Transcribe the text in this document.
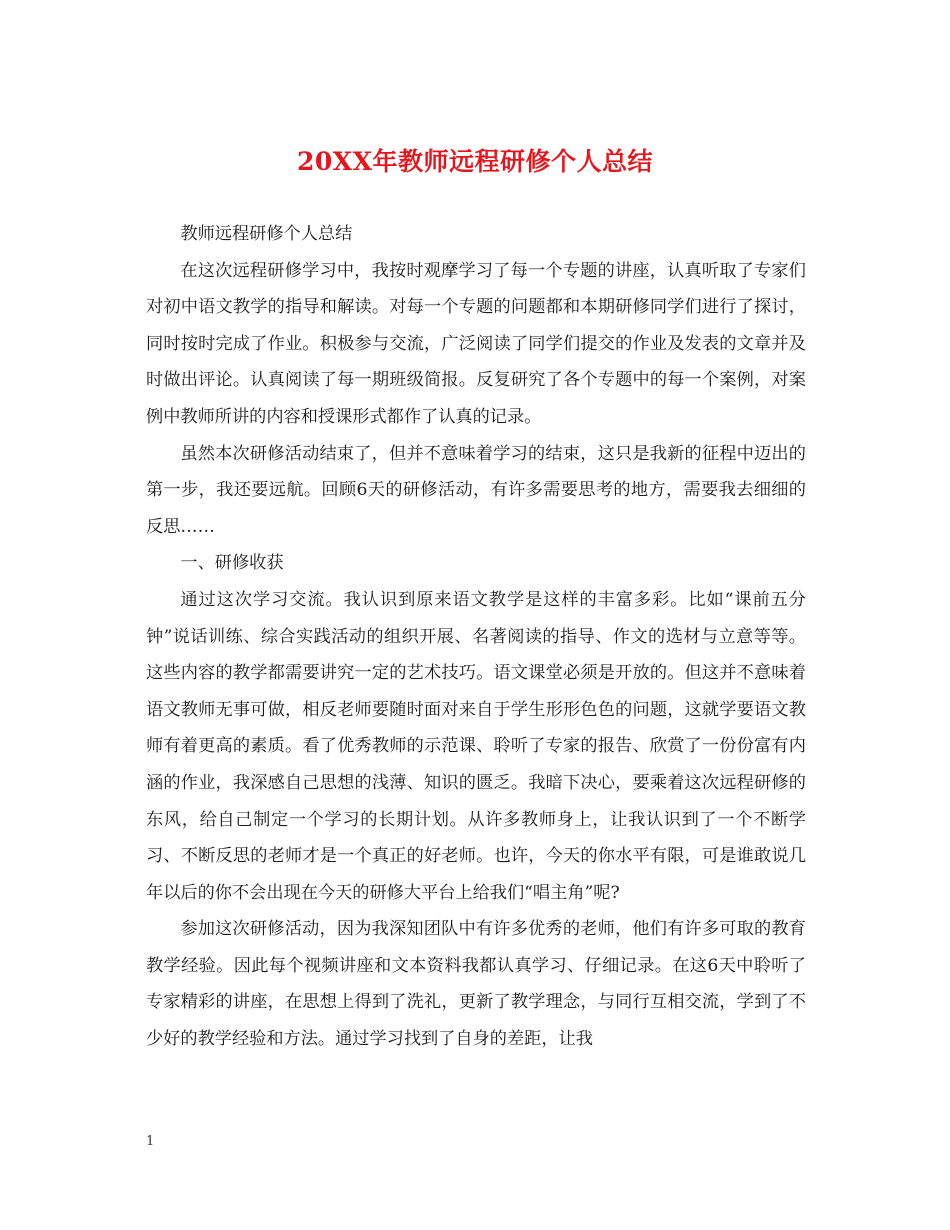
20XX年教师远程研修个人总结

教师远程研修个人总结

在这次远程研修学习中，我按时观摩学习了每一个专题的讲座，认真听取了专家们对初中语文教学的指导和解读。对每一个专题的问题都和本期研修同学们进行了探讨，同时按时完成了作业。积极参与交流，广泛阅读了同学们提交的作业及发表的文章并及时做出评论。认真阅读了每一期班级简报。反复研究了各个专题中的每一个案例，对案例中教师所讲的内容和授课形式都作了认真的记录。

虽然本次研修活动结束了，但并不意味着学习的结束，这只是我新的征程中迈出的第一步，我还要远航。回顾6天的研修活动，有许多需要思考的地方，需要我去细细的反思……

一、研修收获

通过这次学习交流。我认识到原来语文教学是这样的丰富多彩。比如“课前五分钟”说话训练、综合实践活动的组织开展、名著阅读的指导、作文的选材与立意等等。这些内容的教学都需要讲究一定的艺术技巧。语文课堂必须是开放的。但这并不意味着语文教师无事可做，相反老师要随时面对来自于学生形形色色的问题，这就学要语文教师有着更高的素质。看了优秀教师的示范课、聆听了专家的报告、欣赏了一份份富有内涵的作业，我深感自己思想的浅薄、知识的匮乏。我暗下决心，要乘着这次远程研修的东风，给自己制定一个学习的长期计划。从许多教师身上，让我认识到了一个不断学习、不断反思的老师才是一个真正的好老师。也许，今天的你水平有限，可是谁敢说几年以后的你不会出现在今天的研修大平台上给我们“唱主角”呢?

参加这次研修活动，因为我深知团队中有许多优秀的老师，他们有许多可取的教育教学经验。因此每个视频讲座和文本资料我都认真学习、仔细记录。在这6天中聆听了专家精彩的讲座，在思想上得到了洗礼，更新了教学理念，与同行互相交流，学到了不少好的教学经验和方法。通过学习找到了自身的差距，让我

1
